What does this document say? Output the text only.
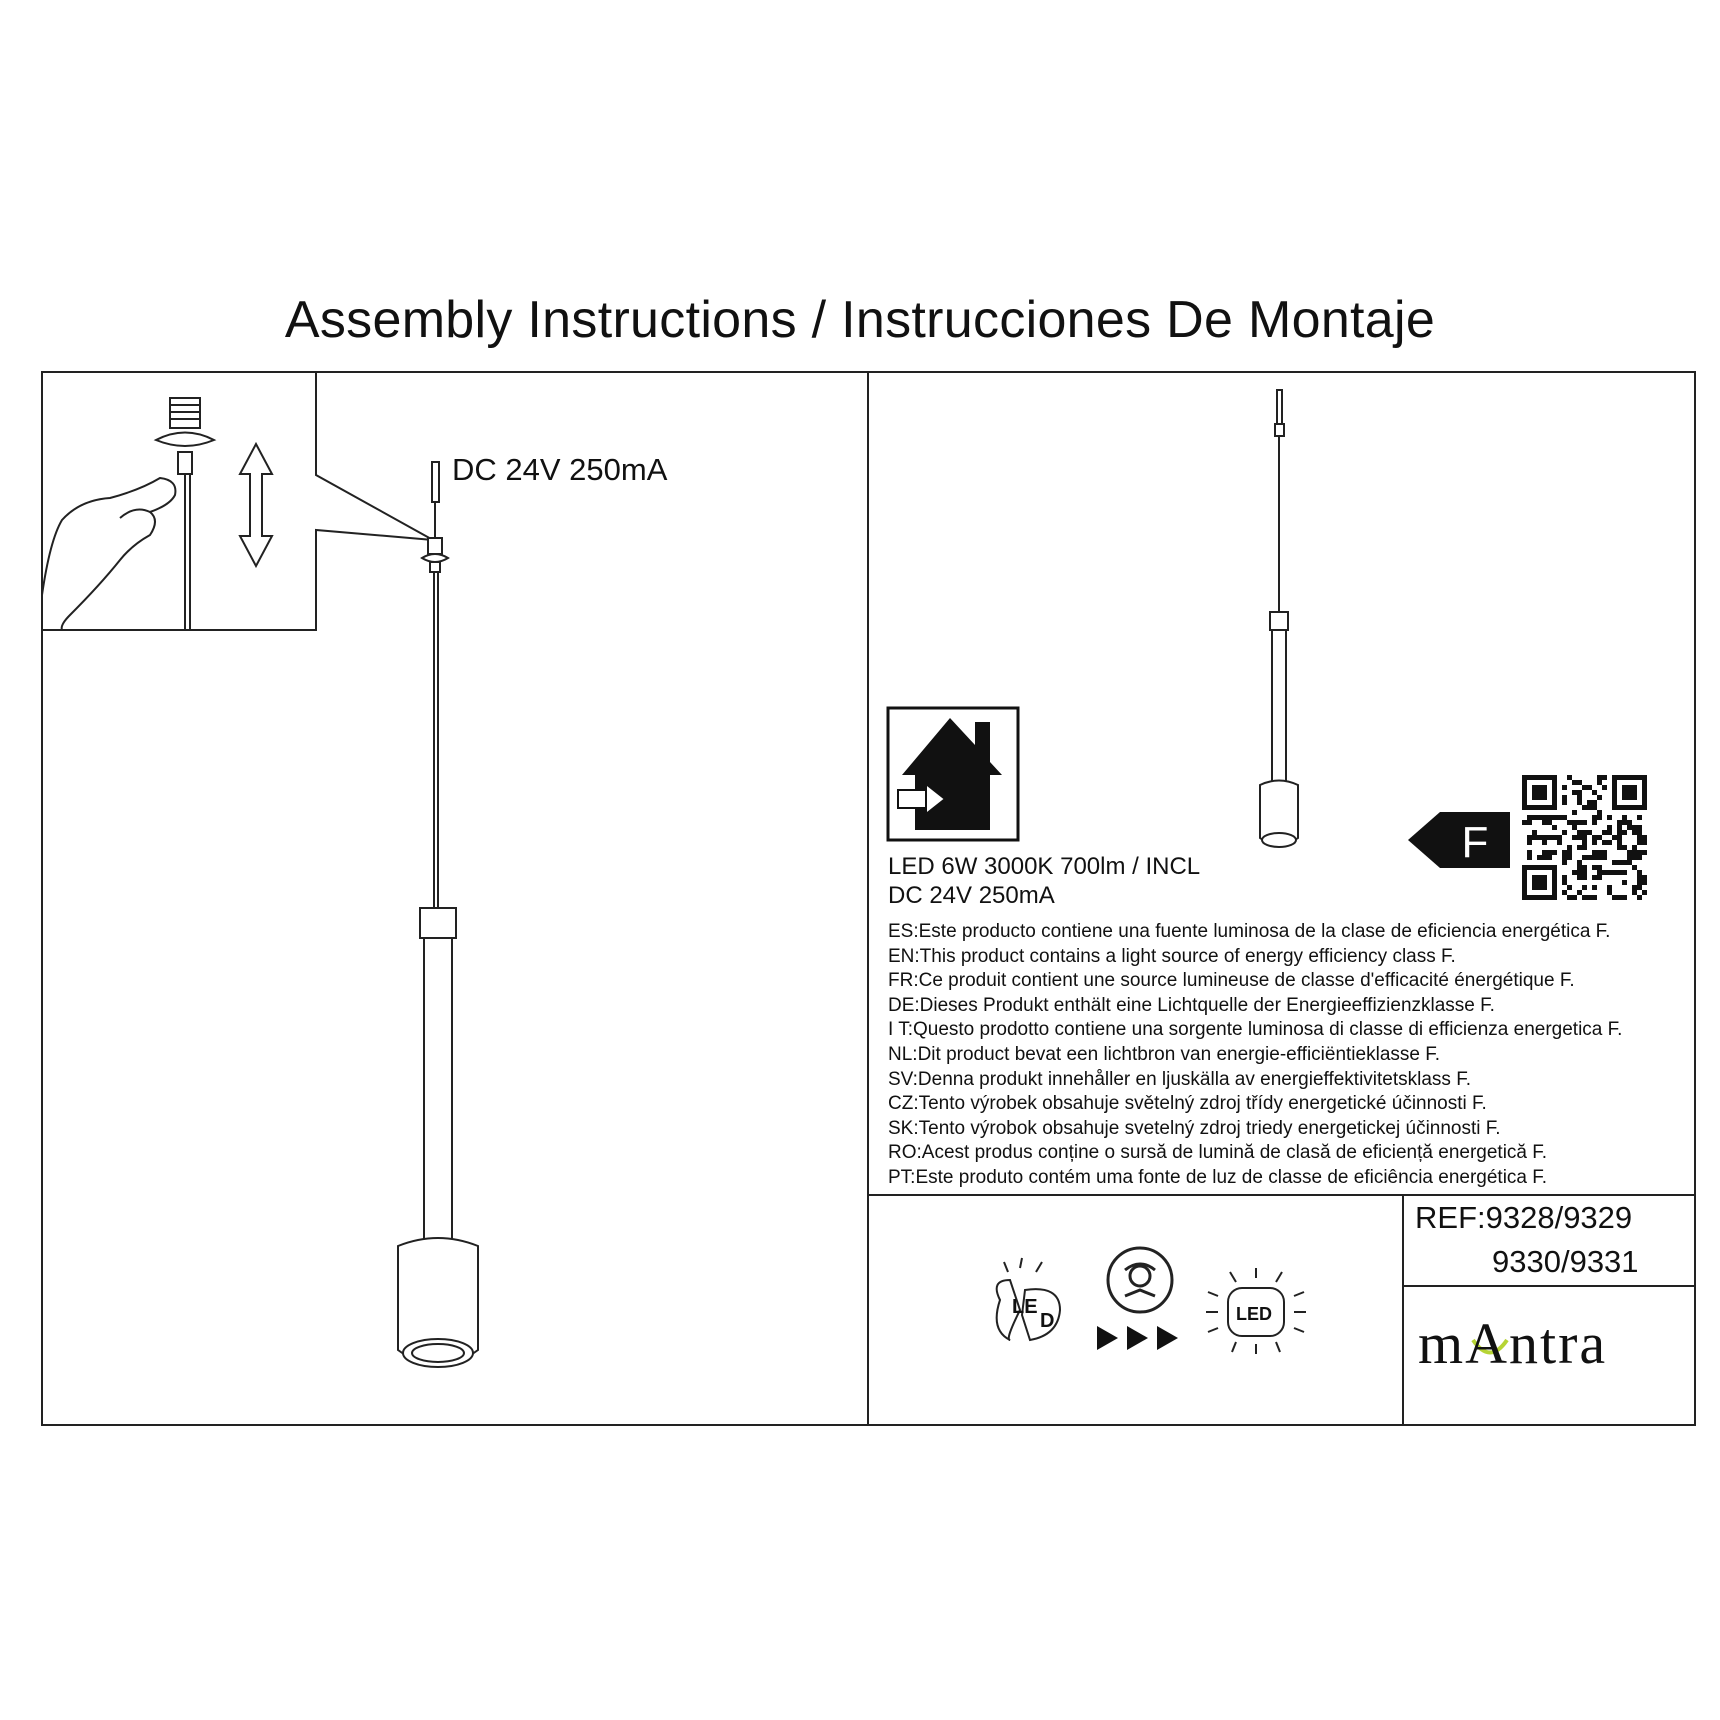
Assembly Instructions / Instrucciones De Montaje
LE
D	LED
DC 24V 250mA
F
LED 6W 3000K 700lm / INCL
DC 24V 250mA
ES:Este producto contiene una fuente luminosa de la clase de eficiencia energética F.
EN:This product contains a light source of energy efficiency class F.
FR:Ce produit contient une source lumineuse de classe d'efficacité énergétique F.
DE:Dieses Produkt enthält eine Lichtquelle der Energieeffizienzklasse F.
I T:Questo prodotto contiene una sorgente luminosa di classe di efficienza energetica F.
NL:Dit product bevat een lichtbron van energie-efficiëntieklasse F.
SV:Denna produkt innehåller en ljuskälla av energieffektivitetsklass F.
CZ:Tento výrobek obsahuje světelný zdroj třídy energetické účinnosti F.
SK:Tento výrobok obsahuje svetelný zdroj triedy energetickej účinnosti F.
RO:Acest produs conține o sursă de lumină de clasă de eficiență energetică F.
PT:Este produto contém uma fonte de luz de classe de eficiência energética F.
REF:9328/9329
9330/9331
mAntra
